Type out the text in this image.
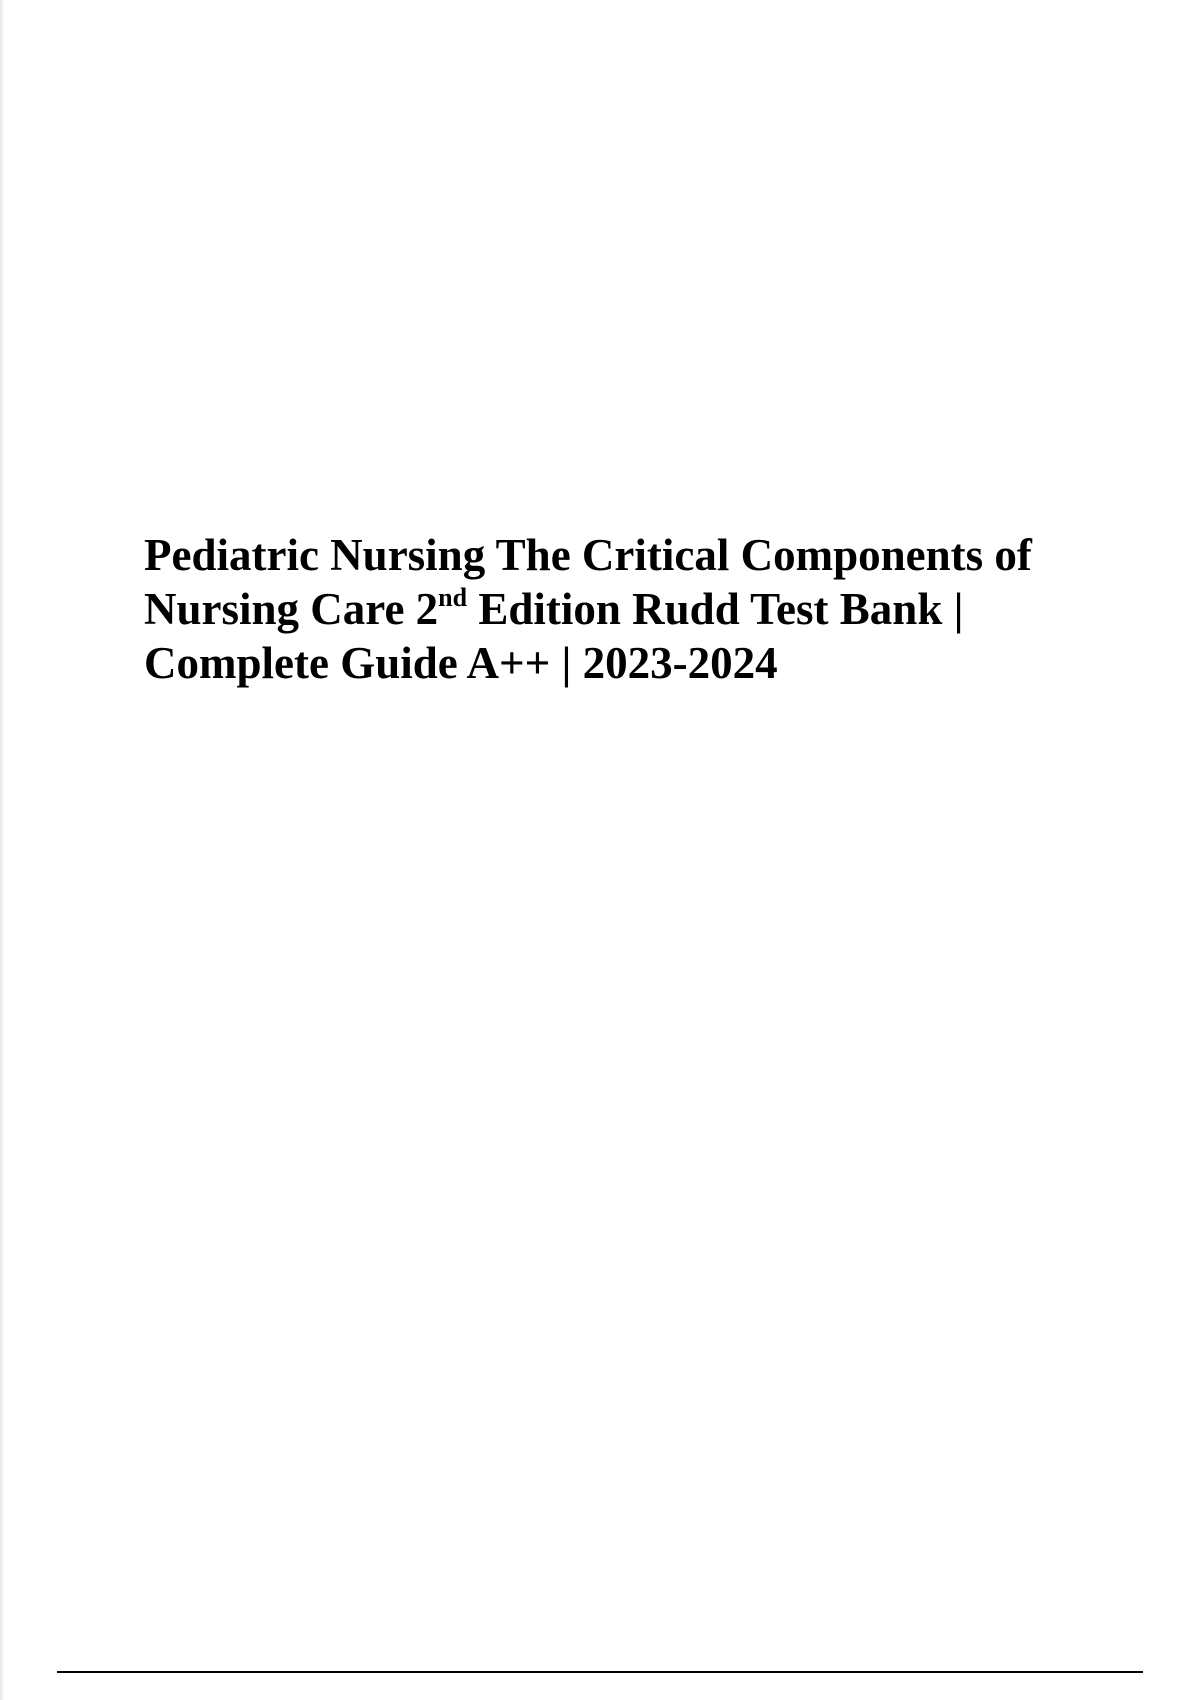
Pediatric Nursing The Critical Components of
Nursing Care 2nd Edition Rudd Test Bank |
Complete Guide A++ | 2023-2024
